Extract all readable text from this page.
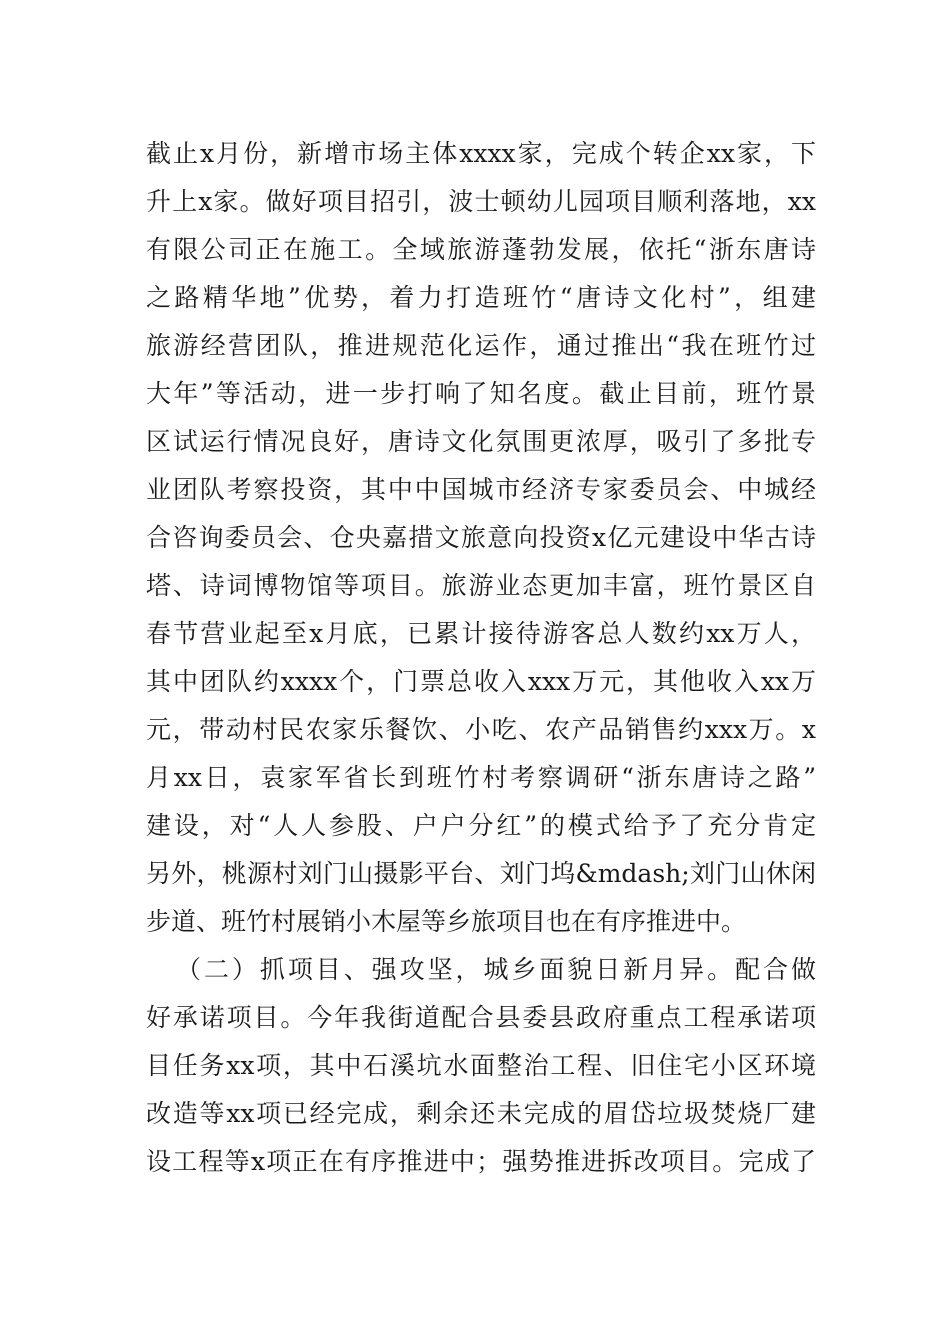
截止x月份，新增市场主体xxxx家，完成个转企xx家，下
升上x家。做好项目招引，波士顿幼儿园项目顺利落地，xx
有限公司正在施工。全域旅游蓬勃发展，依托“浙东唐诗
之路精华地”优势，着力打造班竹“唐诗文化村”，组建
旅游经营团队，推进规范化运作，通过推出“我在班竹过
大年”等活动，进一步打响了知名度。截止目前，班竹景
区试运行情况良好，唐诗文化氛围更浓厚，吸引了多批专
业团队考察投资，其中中国城市经济专家委员会、中城经
合咨询委员会、仓央嘉措文旅意向投资x亿元建设中华古诗
塔、诗词博物馆等项目。旅游业态更加丰富，班竹景区自
春节营业起至x月底，已累计接待游客总人数约xx万人，
其中团队约xxxx个，门票总收入xxx万元，其他收入xx万
元，带动村民农家乐餐饮、小吃、农产品销售约xxx万。x
月xx日，袁家军省长到班竹村考察调研“浙东唐诗之路”
建设，对“人人参股、户户分红”的模式给予了充分肯定
另外，桃源村刘门山摄影平台、刘门坞&mdash;刘门山休闲
步道、班竹村展销小木屋等乡旅项目也在有序推进中。
（二）抓项目、强攻坚，城乡面貌日新月异。配合做
好承诺项目。今年我街道配合县委县政府重点工程承诺项
目任务xx项，其中石溪坑水面整治工程、旧住宅小区环境
改造等xx项已经完成，剩余还未完成的眉岱垃圾焚烧厂建
设工程等x项正在有序推进中；强势推进拆改项目。完成了
